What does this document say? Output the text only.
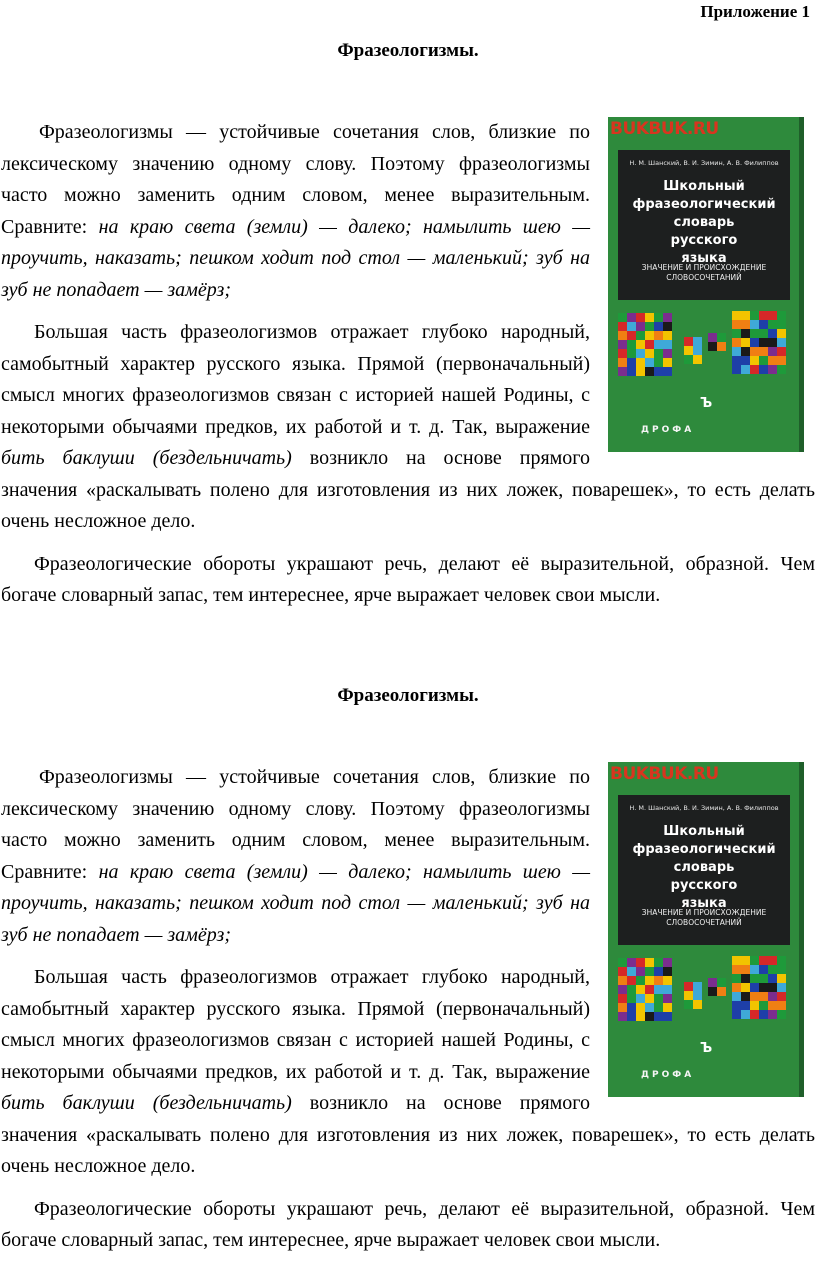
Приложение 1
Фразеологизмы.
BUKBUK.RU
Н. М. Шанский, В. И. Зимин, А. В. Филиппов
Школьный
фразеологический
словарь
русского
языка
ЗНАЧЕНИЕ И ПРОИСХОЖДЕНИЕ
СЛОВОСОЧЕТАНИЙ
Ъ
ДРОФА

Фразеологизмы — устойчивые сочетания слов, близкие по лексическому значению одному слову. Поэтому фразеологизмы часто можно заменить одним словом, менее выразительным. Сравните: на краю света (земли) — далеко; намылить шею — проучить, наказать; пешком ходит под стол — маленький; зуб на зуб не попадает — замёрз;

Большая часть фразеологизмов отражает глубоко народный, самобытный характер русского языка. Прямой (первоначальный) смысл многих фразеологизмов связан с историей нашей Родины, с некоторыми обычаями предков, их работой и т. д. Так, выражение бить баклуши (бездельничать) возникло на основе прямого значения «раскалывать полено для изготовления из них ложек, поварешек», то есть делать очень несложное дело.

Фразеологические обороты украшают речь, делают её выразительной, образной. Чем богаче словарный запас, тем интереснее, ярче выражает человек свои мысли.

Фразеологизмы.
BUKBUK.RU
Н. М. Шанский, В. И. Зимин, А. В. Филиппов
Школьный
фразеологический
словарь
русского
языка
ЗНАЧЕНИЕ И ПРОИСХОЖДЕНИЕ
СЛОВОСОЧЕТАНИЙ
Ъ
ДРОФА

Фразеологизмы — устойчивые сочетания слов, близкие по лексическому значению одному слову. Поэтому фразеологизмы часто можно заменить одним словом, менее выразительным. Сравните: на краю света (земли) — далеко; намылить шею — проучить, наказать; пешком ходит под стол — маленький; зуб на зуб не попадает — замёрз;

Большая часть фразеологизмов отражает глубоко народный, самобытный характер русского языка. Прямой (первоначальный) смысл многих фразеологизмов связан с историей нашей Родины, с некоторыми обычаями предков, их работой и т. д. Так, выражение бить баклуши (бездельничать) возникло на основе прямого значения «раскалывать полено для изготовления из них ложек, поварешек», то есть делать очень несложное дело.

Фразеологические обороты украшают речь, делают её выразительной, образной. Чем богаче словарный запас, тем интереснее, ярче выражает человек свои мысли.
